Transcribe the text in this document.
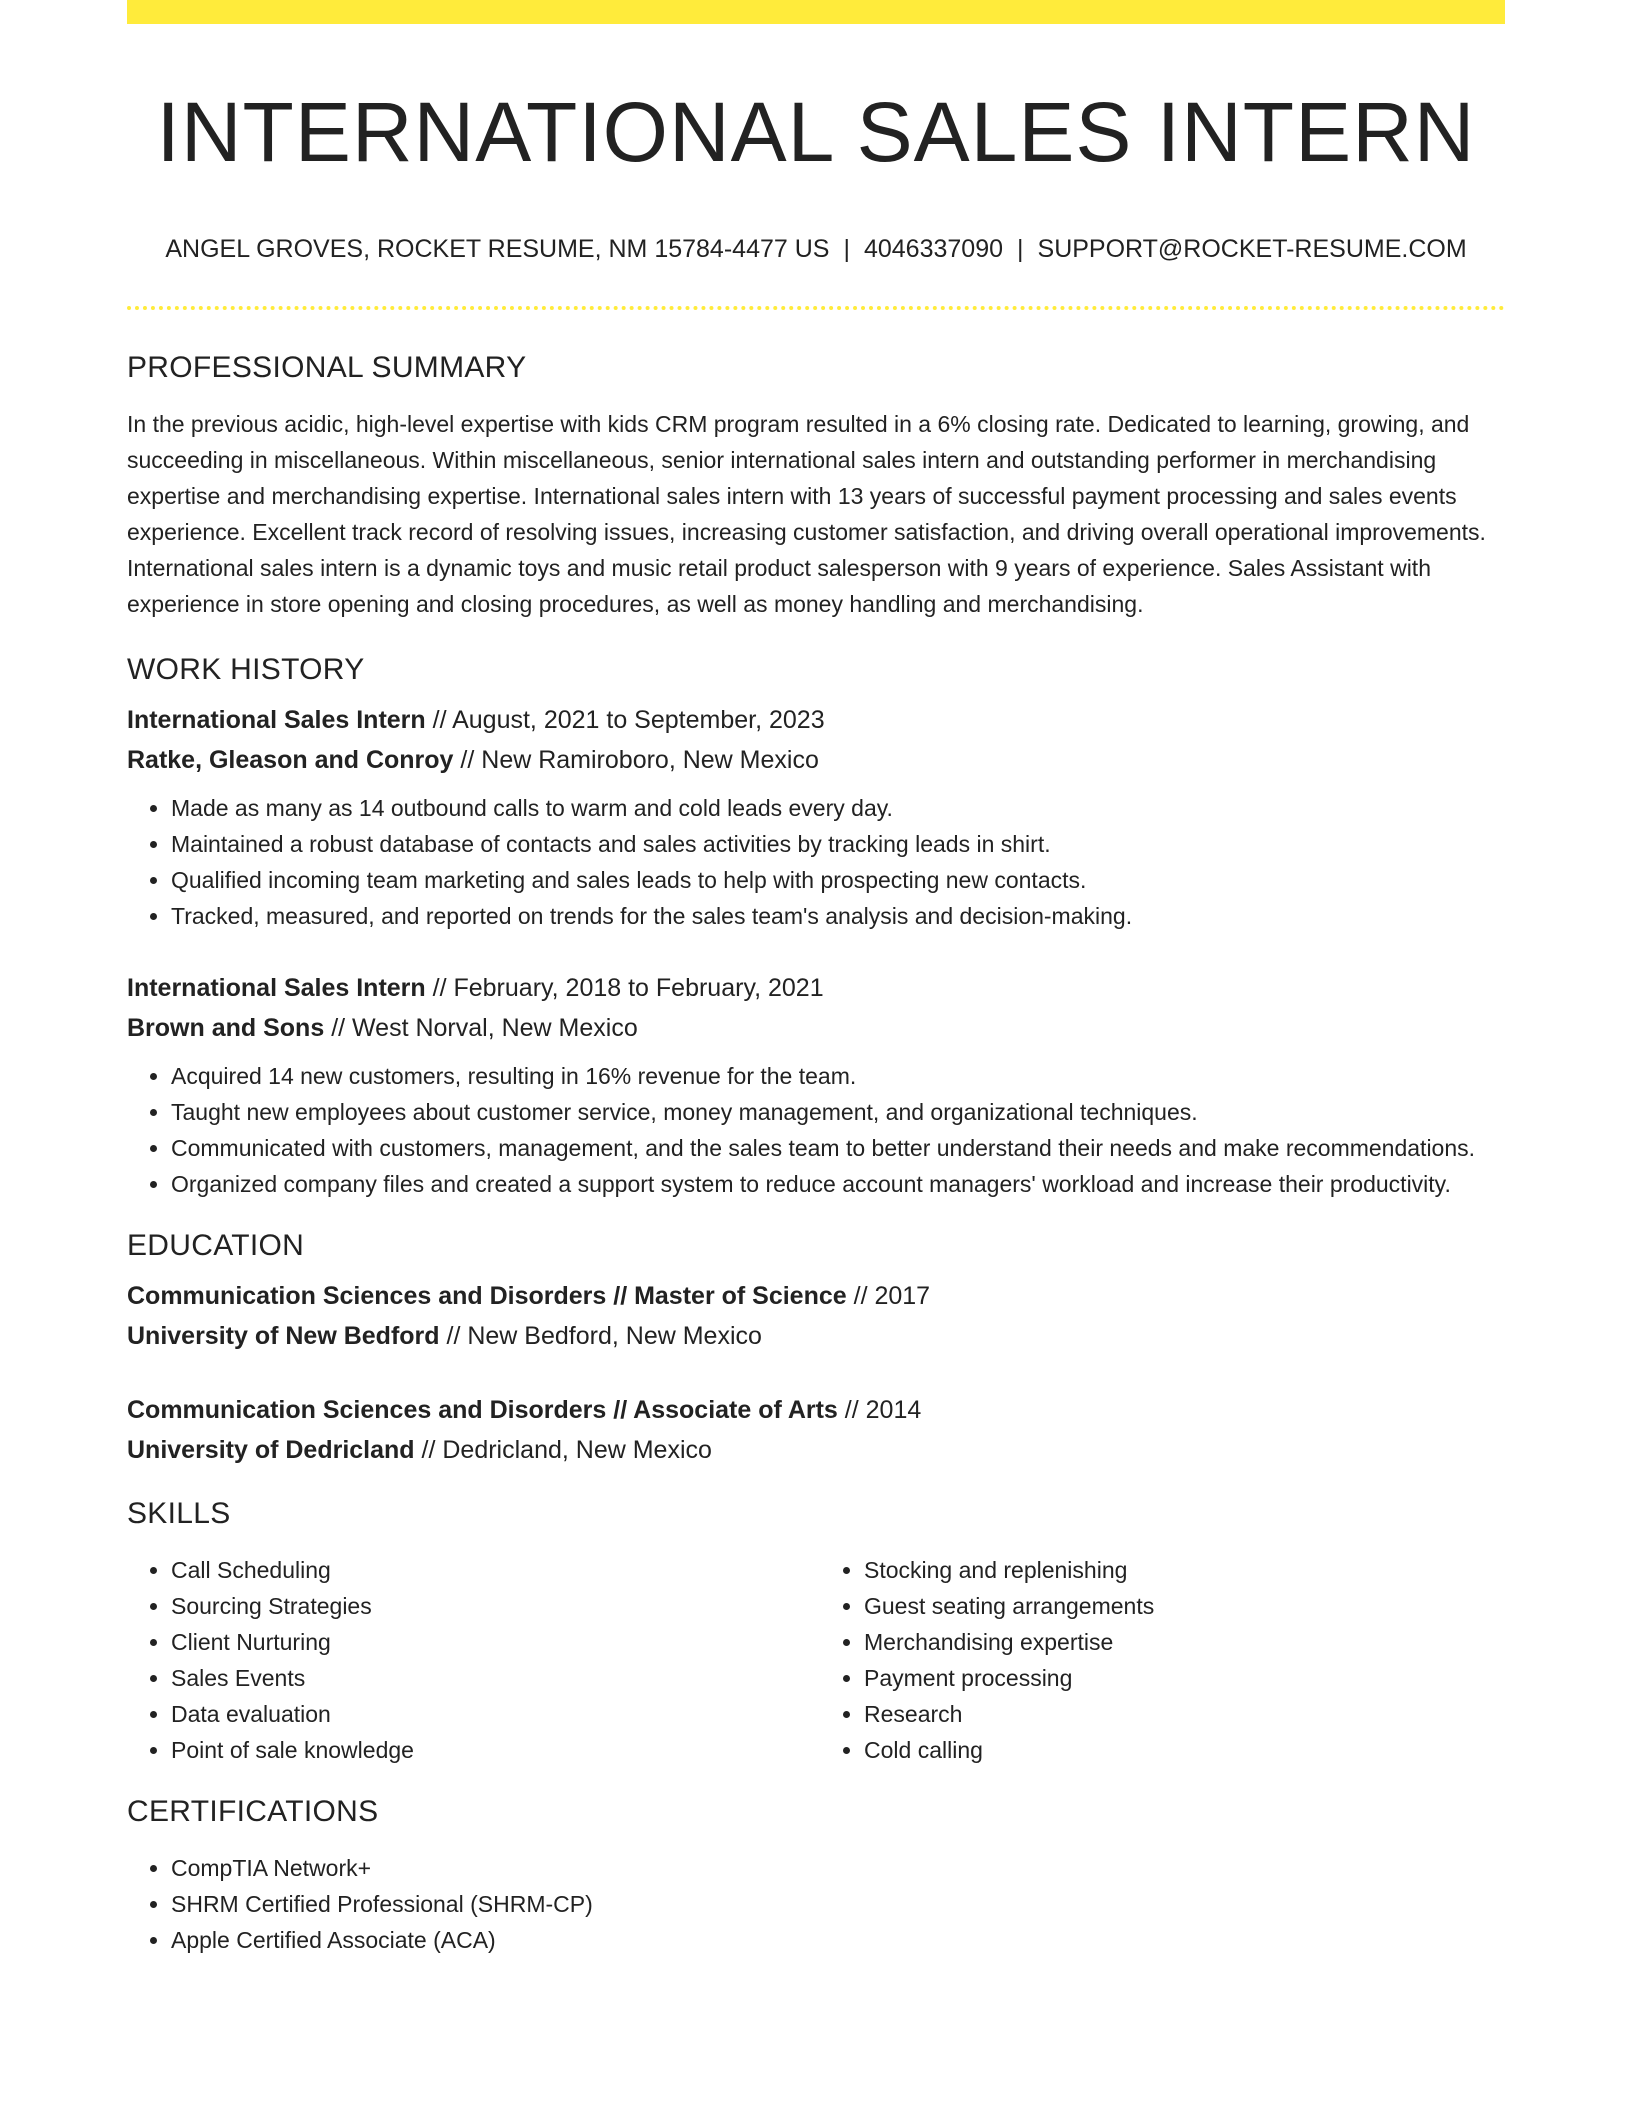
INTERNATIONAL SALES INTERN
ANGEL GROVES, ROCKET RESUME, NM 15784-4477 US | 4046337090 | SUPPORT@ROCKET-RESUME.COM
PROFESSIONAL SUMMARY

In the previous acidic, high-level expertise with kids CRM program resulted in a 6% closing rate. Dedicated to learning, growing, and succeeding in miscellaneous. Within miscellaneous, senior international sales intern and outstanding performer in merchandising expertise and merchandising expertise. International sales intern with 13 years of successful payment processing and sales events experience. Excellent track record of resolving issues, increasing customer satisfaction, and driving overall operational improvements. International sales intern is a dynamic toys and music retail product salesperson with 9 years of experience. Sales Assistant with experience in store opening and closing procedures, as well as money handling and merchandising.

WORK HISTORY
International Sales Intern // August, 2021 to September, 2023
Ratke, Gleason and Conroy // New Ramiroboro, New Mexico
• Made as many as 14 outbound calls to warm and cold leads every day.
• Maintained a robust database of contacts and sales activities by tracking leads in shirt.
• Qualified incoming team marketing and sales leads to help with prospecting new contacts.
• Tracked, measured, and reported on trends for the sales team's analysis and decision-making.
International Sales Intern // February, 2018 to February, 2021
Brown and Sons // West Norval, New Mexico
• Acquired 14 new customers, resulting in 16% revenue for the team.
• Taught new employees about customer service, money management, and organizational techniques.
• Communicated with customers, management, and the sales team to better understand their needs and make recommendations.
• Organized company files and created a support system to reduce account managers' workload and increase their productivity.
EDUCATION
Communication Sciences and Disorders // Master of Science // 2017
University of New Bedford // New Bedford, New Mexico
Communication Sciences and Disorders // Associate of Arts // 2014
University of Dedricland // Dedricland, New Mexico
SKILLS
• Call Scheduling
• Sourcing Strategies
• Client Nurturing
• Sales Events
• Data evaluation
• Point of sale knowledge
• Stocking and replenishing
• Guest seating arrangements
• Merchandising expertise
• Payment processing
• Research
• Cold calling
CERTIFICATIONS
• CompTIA Network+
• SHRM Certified Professional (SHRM-CP)
• Apple Certified Associate (ACA)
